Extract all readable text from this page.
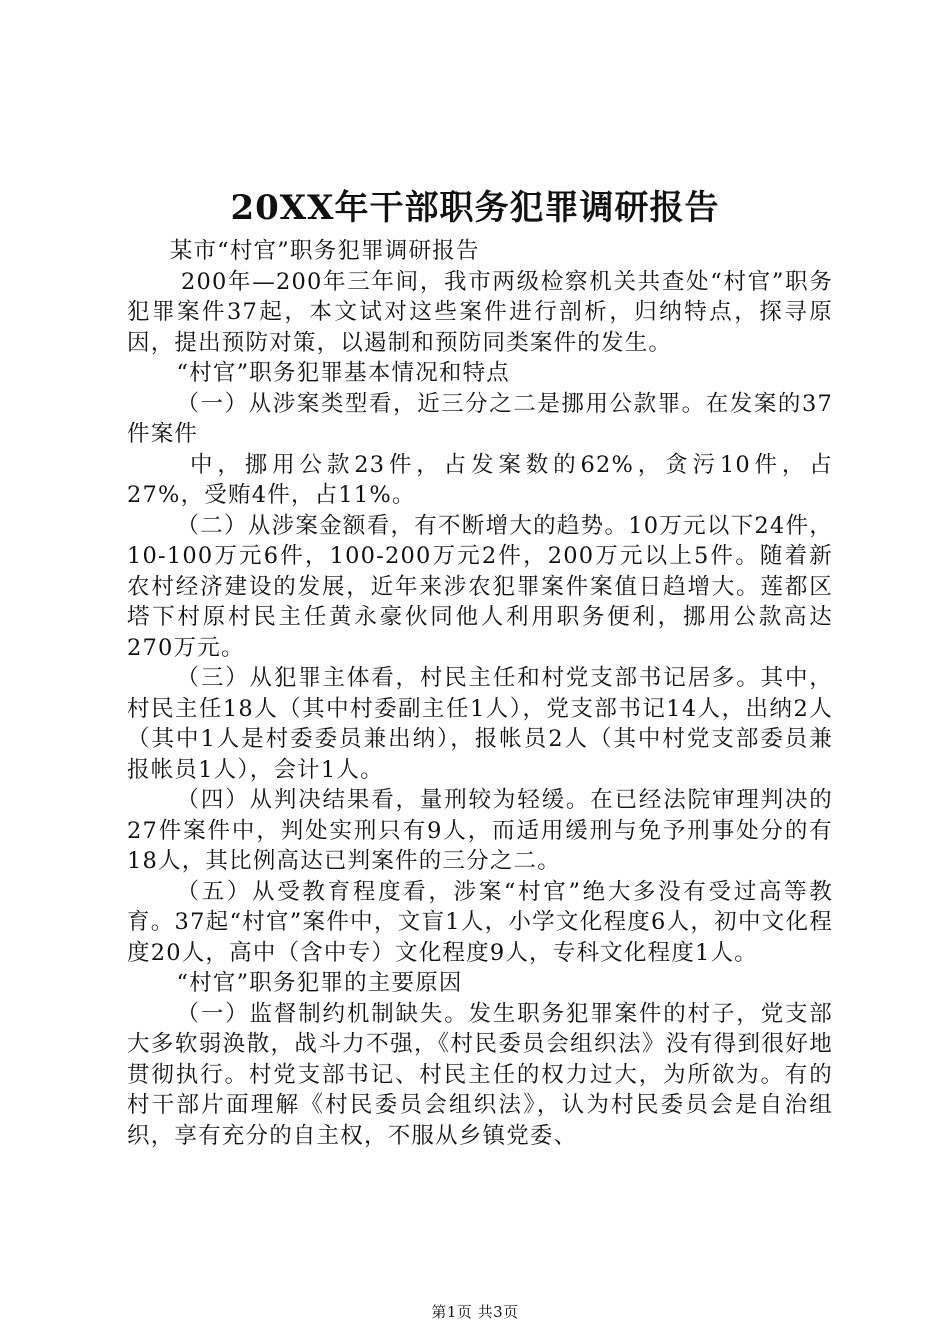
20XX年干部职务犯罪调研报告

某市“村官”职务犯罪调研报告

200年—200年三年间，我市两级检察机关共查处“村官”职务犯罪案件37起，本文试对这些案件进行剖析，归纳特点，探寻原因，提出预防对策，以遏制和预防同类案件的发生。

“村官”职务犯罪基本情况和特点

（一）从涉案类型看，近三分之二是挪用公款罪。在发案的37件案件

中，挪用公款23件，占发案数的62%，贪污10件，占27%，受贿4件，占11%。

（二）从涉案金额看，有不断增大的趋势。10万元以下24件，10-100万元6件，100-200万元2件，200万元以上5件。随着新农村经济建设的发展，近年来涉农犯罪案件案值日趋增大。莲都区塔下村原村民主任黄永豪伙同他人利用职务便利，挪用公款高达270万元。

（三）从犯罪主体看，村民主任和村党支部书记居多。其中，村民主任18人（其中村委副主任1人），党支部书记14人，出纳2人（其中1人是村委委员兼出纳），报帐员2人（其中村党支部委员兼报帐员1人），会计1人。

（四）从判决结果看，量刑较为轻缓。在已经法院审理判决的27件案件中，判处实刑只有9人，而适用缓刑与免予刑事处分的有18人，其比例高达已判案件的三分之二。

（五）从受教育程度看，涉案“村官”绝大多没有受过高等教育。37起“村官”案件中，文盲1人，小学文化程度6人，初中文化程度20人，高中（含中专）文化程度9人，专科文化程度1人。

“村官”职务犯罪的主要原因

（一）监督制约机制缺失。发生职务犯罪案件的村子，党支部大多软弱涣散，战斗力不强，《村民委员会组织法》没有得到很好地贯彻执行。村党支部书记、村民主任的权力过大，为所欲为。有的村干部片面理解《村民委员会组织法》，认为村民委员会是自治组织，享有充分的自主权，不服从乡镇党委、

第1页 共3页
